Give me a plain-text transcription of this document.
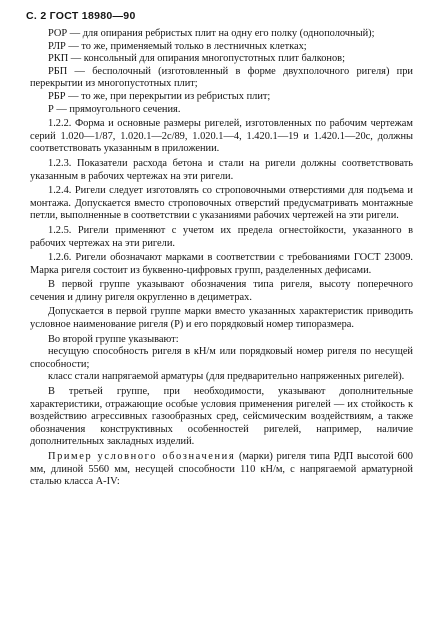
С. 2 ГОСТ 18980—90

РОР — для опирания ребристых плит на одну его полку (однополочный);

РЛР — то же, применяемый только в лестничных клетках;

РКП — консольный для опирания многопустотных плит балконов;

РБП — бесполочный (изготовленный в форме двухполочного ригеля) при перекрытии из многопустотных плит;

РБР — то же, при перекрытии из ребристых плит;

Р — прямоугольного сечения.

1.2.2. Форма и основные размеры ригелей, изготовленных по рабочим чертежам серий 1.020—1/87, 1.020.1—2с/89, 1.020.1—4, 1.420.1—19 и 1.420.1—20с, должны соответствовать указанным в приложении.

1.2.3. Показатели расхода бетона и стали на ригели должны соответствовать указанным в рабочих чертежах на эти ригели.

1.2.4. Ригели следует изготовлять со строповочными отверстиями для подъема и монтажа. Допускается вместо строповочных отверстий предусматривать монтажные петли, выполненные в соответствии с указаниями рабочих чертежей на эти ригели.

1.2.5. Ригели применяют с учетом их предела огнестойкости, указанного в рабочих чертежах на эти ригели.

1.2.6. Ригели обозначают марками в соответствии с требованиями ГОСТ 23009. Марка ригеля состоит из буквенно-цифровых групп, разделенных дефисами.

В первой группе указывают обозначения типа ригеля, высоту поперечного сечения и длину ригеля округленно в дециметрах.

Допускается в первой группе марки вместо указанных характеристик приводить условное наименование ригеля (Р) и его порядковый номер типоразмера.

Во второй группе указывают:

несущую способность ригеля в кН/м или порядковый номер ригеля по несущей способности;

класс стали напрягаемой арматуры (для предварительно напряженных ригелей).

В третьей группе, при необходимости, указывают дополнительные характеристики, отражающие особые условия применения ригелей — их стойкость к воздействию агрессивных газообразных сред, сейсмическим воздействиям, а также обозначения конструктивных особенностей ригелей, например, наличие дополнительных закладных изделий.

Пример условного обозначения (марки) ригеля типа РДП высотой 600 мм, длиной 5560 мм, несущей способности 110 кН/м, с напрягаемой арматурной сталью класса A-IV:
